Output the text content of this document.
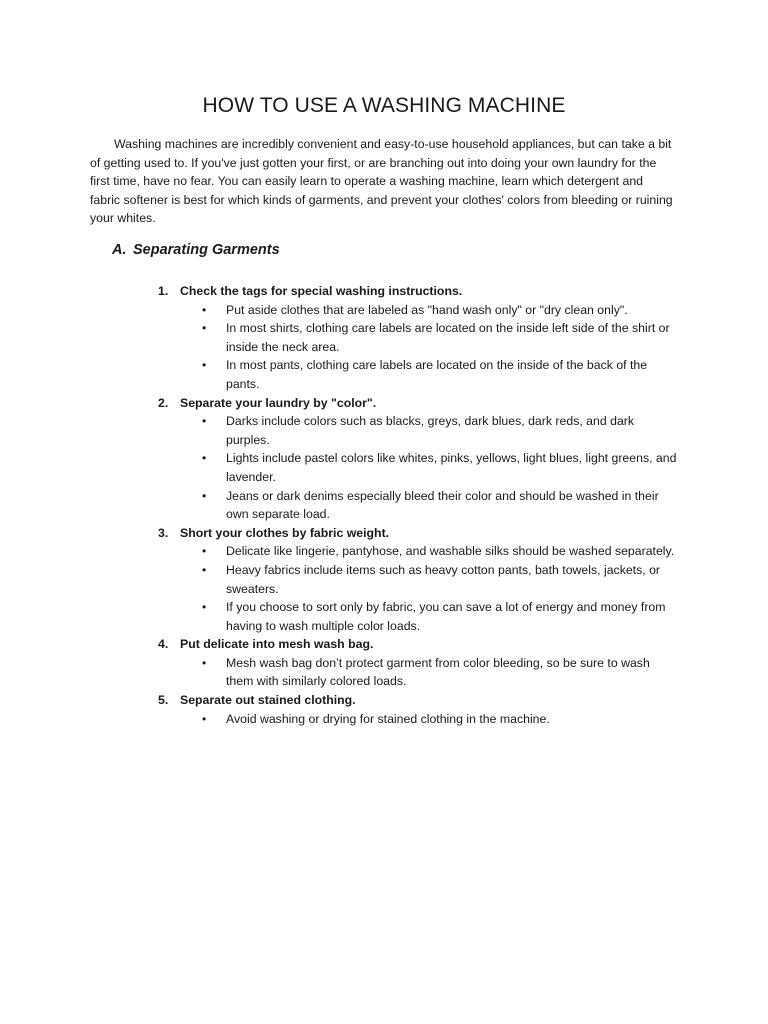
HOW TO USE A WASHING MACHINE

Washing machines are incredibly convenient and easy-to-use household appliances, but can take a bit of getting used to. If you've just gotten your first, or are branching out into doing your own laundry for the first time, have no fear. You can easily learn to operate a washing machine, learn which detergent and fabric softener is best for which kinds of garments, and prevent your clothes' colors from bleeding or ruining your whites.

A. Separating Garments
1. Check the tags for special washing instructions.
•	Put aside clothes that are labeled as "hand wash only" or "dry clean only".
•	In most shirts, clothing care labels are located on the inside left side of the shirt or inside the neck area.
•	In most pants, clothing care labels are located on the inside of the back of the pants.
2. Separate your laundry by "color".
•	Darks include colors such as blacks, greys, dark blues, dark reds, and dark purples.
•	Lights include pastel colors like whites, pinks, yellows, light blues, light greens, and lavender.
•	Jeans or dark denims especially bleed their color and should be washed in their own separate load.
3. Short your clothes by fabric weight.
•	Delicate like lingerie, pantyhose, and washable silks should be washed separately.
•	Heavy fabrics include items such as heavy cotton pants, bath towels, jackets, or sweaters.
•	If you choose to sort only by fabric, you can save a lot of energy and money from having to wash multiple color loads.
4. Put delicate into mesh wash bag.
•	Mesh wash bag don’t protect garment from color bleeding, so be sure to wash them with similarly colored loads.
5. Separate out stained clothing.
•	Avoid washing or drying for stained clothing in the machine.
